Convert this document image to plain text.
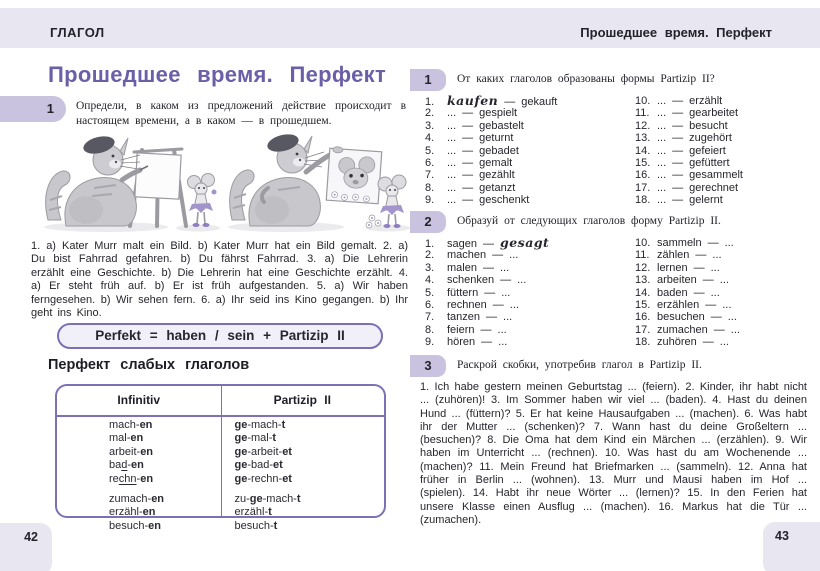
ГЛАГОЛ	Прошедшее время. Перфект
Прошедшее время. Перфект
1	Определи, в каком из предложений действие происходит в настоящем времени, а в каком — в прошедшем.
1. a) Kater Murr malt ein Bild. b) Kater Murr hat ein Bild gemalt. 2. a) Du bist Fahrrad gefahren. b) Du fährst Fahrrad. 3. a) Die Lehrerin erzählt eine Geschichte. b) Die Lehrerin hat eine Geschichte erzählt. 4. a) Er steht früh auf. b) Er ist früh aufgestanden. 5. a) Wir haben ferngesehen. b) Wir sehen fern. 6. a) Ihr seid ins Kino gegangen. b) Ihr geht ins Kino.
Perfekt = haben / sein + Partizip II
Перфект слабых глаголов
Infinitiv	Partizip II
mach-en	ge-mach-t
mal-en	ge-mal-t
arbeit-en	ge-arbeit-et
bad-en	ge-bad-et
rechn-en	ge-rechn-et
zumach-en	zu-ge-mach-t
erzähl-en	erzähl-t
besuch-en	besuch-t
42
1	От каких глаголов образованы формы Partizip II?
1. kaufen — gekauft
2. ... — gespielt
3. ... — gebastelt
4. ... — geturnt
5. ... — gebadet
6. ... — gemalt
7. ... — gezählt
8. ... — getanzt
9. ... — geschenkt
10. ... — erzählt
11. ... — gearbeitet
12. ... — besucht
13. ... — zugehört
14. ... — gefeiert
15. ... — gefüttert
16. ... — gesammelt
17. ... — gerechnet
18. ... — gelernt
2	Образуй от следующих глаголов форму Partizip II.
1. sagen — gesagt
2. machen — ...
3. malen — ...
4. schenken — ...
5. füttern — ...
6. rechnen — ...
7. tanzen — ...
8. feiern — ...
9. hören — ...
10. sammeln — ...
11. zählen — ...
12. lernen — ...
13. arbeiten — ...
14. baden — ...
15. erzählen — ...
16. besuchen — ...
17. zumachen — ...
18. zuhören — ...
3	Раскрой скобки, употребив глагол в Partizip II.
1. Ich habe gestern meinen Geburtstag ... (feiern). 2. Kinder, ihr habt nicht ... (zuhören)! 3. Im Sommer haben wir viel ... (baden). 4. Hast du deinen Hund ... (füttern)? 5. Er hat keine Hausaufgaben ... (machen). 6. Was habt ihr der Mutter ... (schenken)? 7. Wann hast du deine Großeltern ... (besuchen)? 8. Die Oma hat dem Kind ein Märchen ... (erzählen). 9. Wir haben im Unterricht ... (rechnen). 10. Was hast du am Wochenende ... (machen)? 11. Mein Freund hat Briefmarken ... (sammeln). 12. Anna hat früher in Berlin ... (wohnen). 13. Murr und Mausi haben im Hof ... (spielen). 14. Habt ihr neue Wörter ... (lernen)? 15. In den Ferien hat unsere Klasse einen Ausflug ... (machen). 16. Markus hat die Tür ... (zumachen).
43
